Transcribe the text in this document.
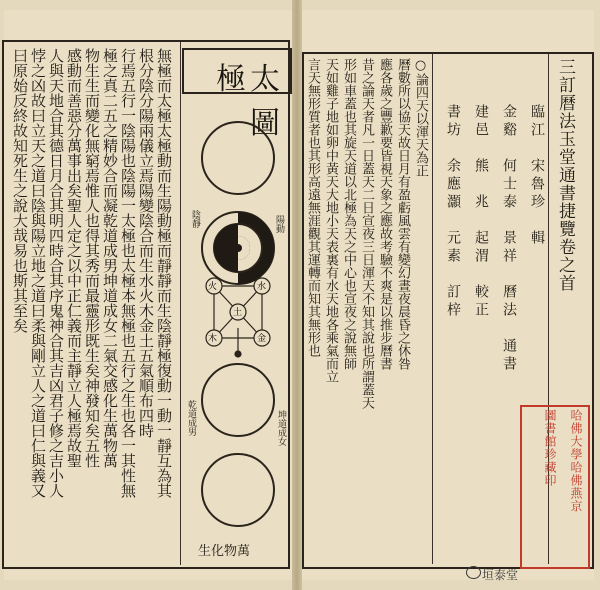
無極而太極太極動而生陽動極而靜靜而生陰靜極復動一動一靜互為其
根分陰分陽兩儀立焉陽變陰合而生水火木金土五氣順布四時
行焉五行一陰陽也陰陽一太極也太極本無極也五行之生也各一其性無
極之真二五之精妙合而凝乾道成男坤道成女二氣交感化生萬物萬
物生生而變化無窮焉惟人也得其秀而最靈形既生矣神發知矣五性
感動而善惡分萬事出矣聖人定之以中正仁義而主靜立人極焉故聖
人與天地合其德日月合其明四時合其序鬼神合其吉凶君子修之吉小人
悖之凶故曰立天之道曰陰與陽立地之道曰柔與剛立人之道曰仁與義又
曰原始反終故知死生之說大哉易也斯其至矣	太極圖
火	水
土
木	金
陽動
陰靜
乾道成男	坤道成女
萬物化生
三訂曆法玉堂通書捷覽卷之首
臨江　宋魯珍　輯
金谿　何士泰　景祥　曆法　通書
建邑　熊　兆　起渭　較正
書坊　余應灝　元素　訂梓
○論四天以渾天為正
曆數所以協天故日月有盈虧風雲有變幻晝夜晨昏之休咎
應各歲之豐歉要皆視天象之應故考驗不爽是以推步曆書
昔之論天者凡一日蓋天二日宣夜三日渾天不知其說也所謂蓋天
形如車蓋也其旋天道以北極為天之中心也宣夜之說無師
天如雞子地如卵中黃天大地小天表裏有水天地各乘氣而立
言天無形質者也其形高遠無涯觀其運轉而知其無形也
哈佛大學哈佛燕京
圖書館珍藏印
垣泰堂
